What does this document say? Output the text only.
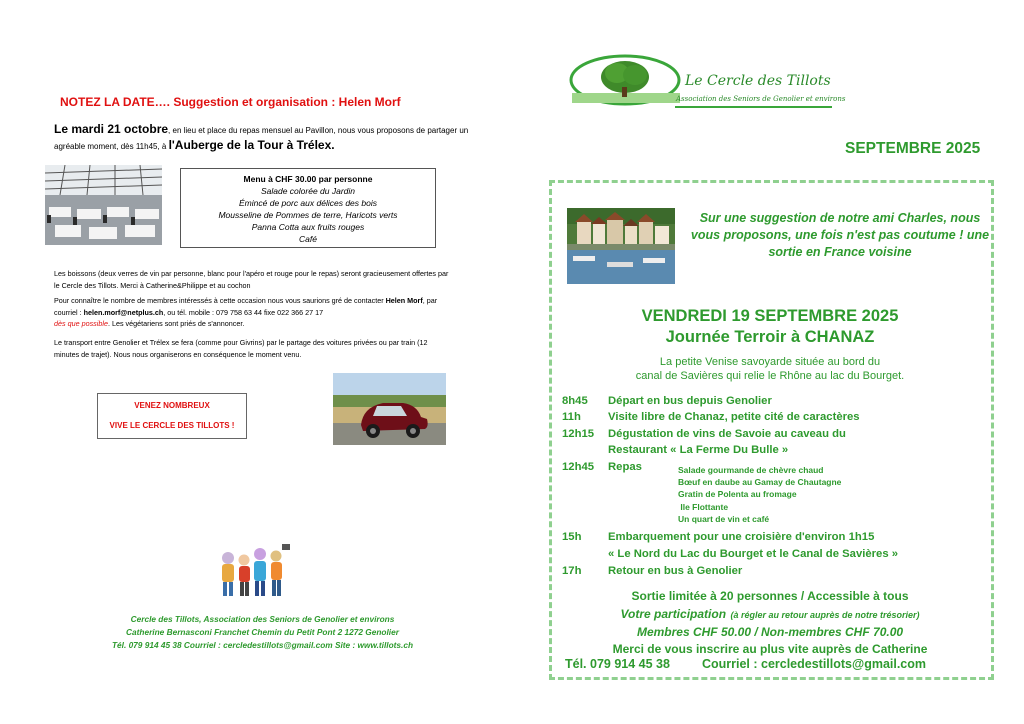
NOTEZ LA DATE…. Suggestion et organisation : Helen Morf
Le mardi 21 octobre, en lieu et place du repas mensuel au Pavillon, nous vous proposons de partager un agréable moment, dès 11h45, à l'Auberge de la Tour à Trélex.
Menu à CHF 30.00 par personne
Salade colorée du Jardin
Émincé de porc aux délices des bois
Mousseline de Pommes de terre, Haricots verts
Panna Cotta aux fruits rouges
Café
Les boissons (deux verres de vin par personne, blanc pour l'apéro et rouge pour le repas) seront gracieusement offertes par le Cercle des Tillots. Merci à Catherine&Philippe et au cochon
Pour connaître le nombre de membres intéressés à cette occasion nous vous saurions gré de contacter Helen Morf, par courriel : helen.morf@netplus.ch, ou tél. mobile : 079 758 63 44 fixe 022 366 27 17
dès que possible. Les végétariens sont priés de s'annoncer.
Le transport entre Genolier et Trélex se fera (comme pour Givrins) par le partage des voitures privées ou par train (12 minutes de trajet). Nous nous organiserons en conséquence le moment venu.
VENEZ NOMBREUX
VIVE LE CERCLE DES TILLOTS !
Cercle des Tillots, Association des Seniors de Genolier et environs
Catherine Bernasconi Franchet Chemin du Petit Pont 2 1272 Genolier
Tél. 079 914 45 38 Courriel : cercledestillots@gmail.com Site : www.tillots.ch
Le Cercle des Tillots
Association des Seniors de Genolier et environs
SEPTEMBRE 2025
Sur une suggestion de notre ami Charles, nous vous proposons, une fois n'est pas coutume ! une sortie en France voisine
VENDREDI 19 SEPTEMBRE 2025
Journée Terroir à CHANAZ
La petite Venise savoyarde située au bord du
canal de Savières qui relie le Rhône au lac du Bourget.
8h45 Départ en bus depuis Genolier
11h Visite libre de Chanaz, petite cité de caractères
12h15 Dégustation de vins de Savoie au caveau du
Restaurant « La Ferme Du Bulle »
12h45 Repas	Salade gourmande de chèvre chaud
Bœuf en daube au Gamay de Chautagne
Gratin de Polenta au fromage
Ile Flottante
Un quart de vin et café
15h Embarquement pour une croisière d'environ 1h15
« Le Nord du Lac du Bourget et le Canal de Savières »
17h Retour en bus à Genolier
Sortie limitée à 20 personnes / Accessible à tous
Votre participation (à régler au retour auprès de notre trésorier)
Membres CHF 50.00 / Non-membres CHF 70.00
Merci de vous inscrire au plus vite auprès de Catherine
Tél. 079 914 45 38	Courriel : cercledestillots@gmail.com
